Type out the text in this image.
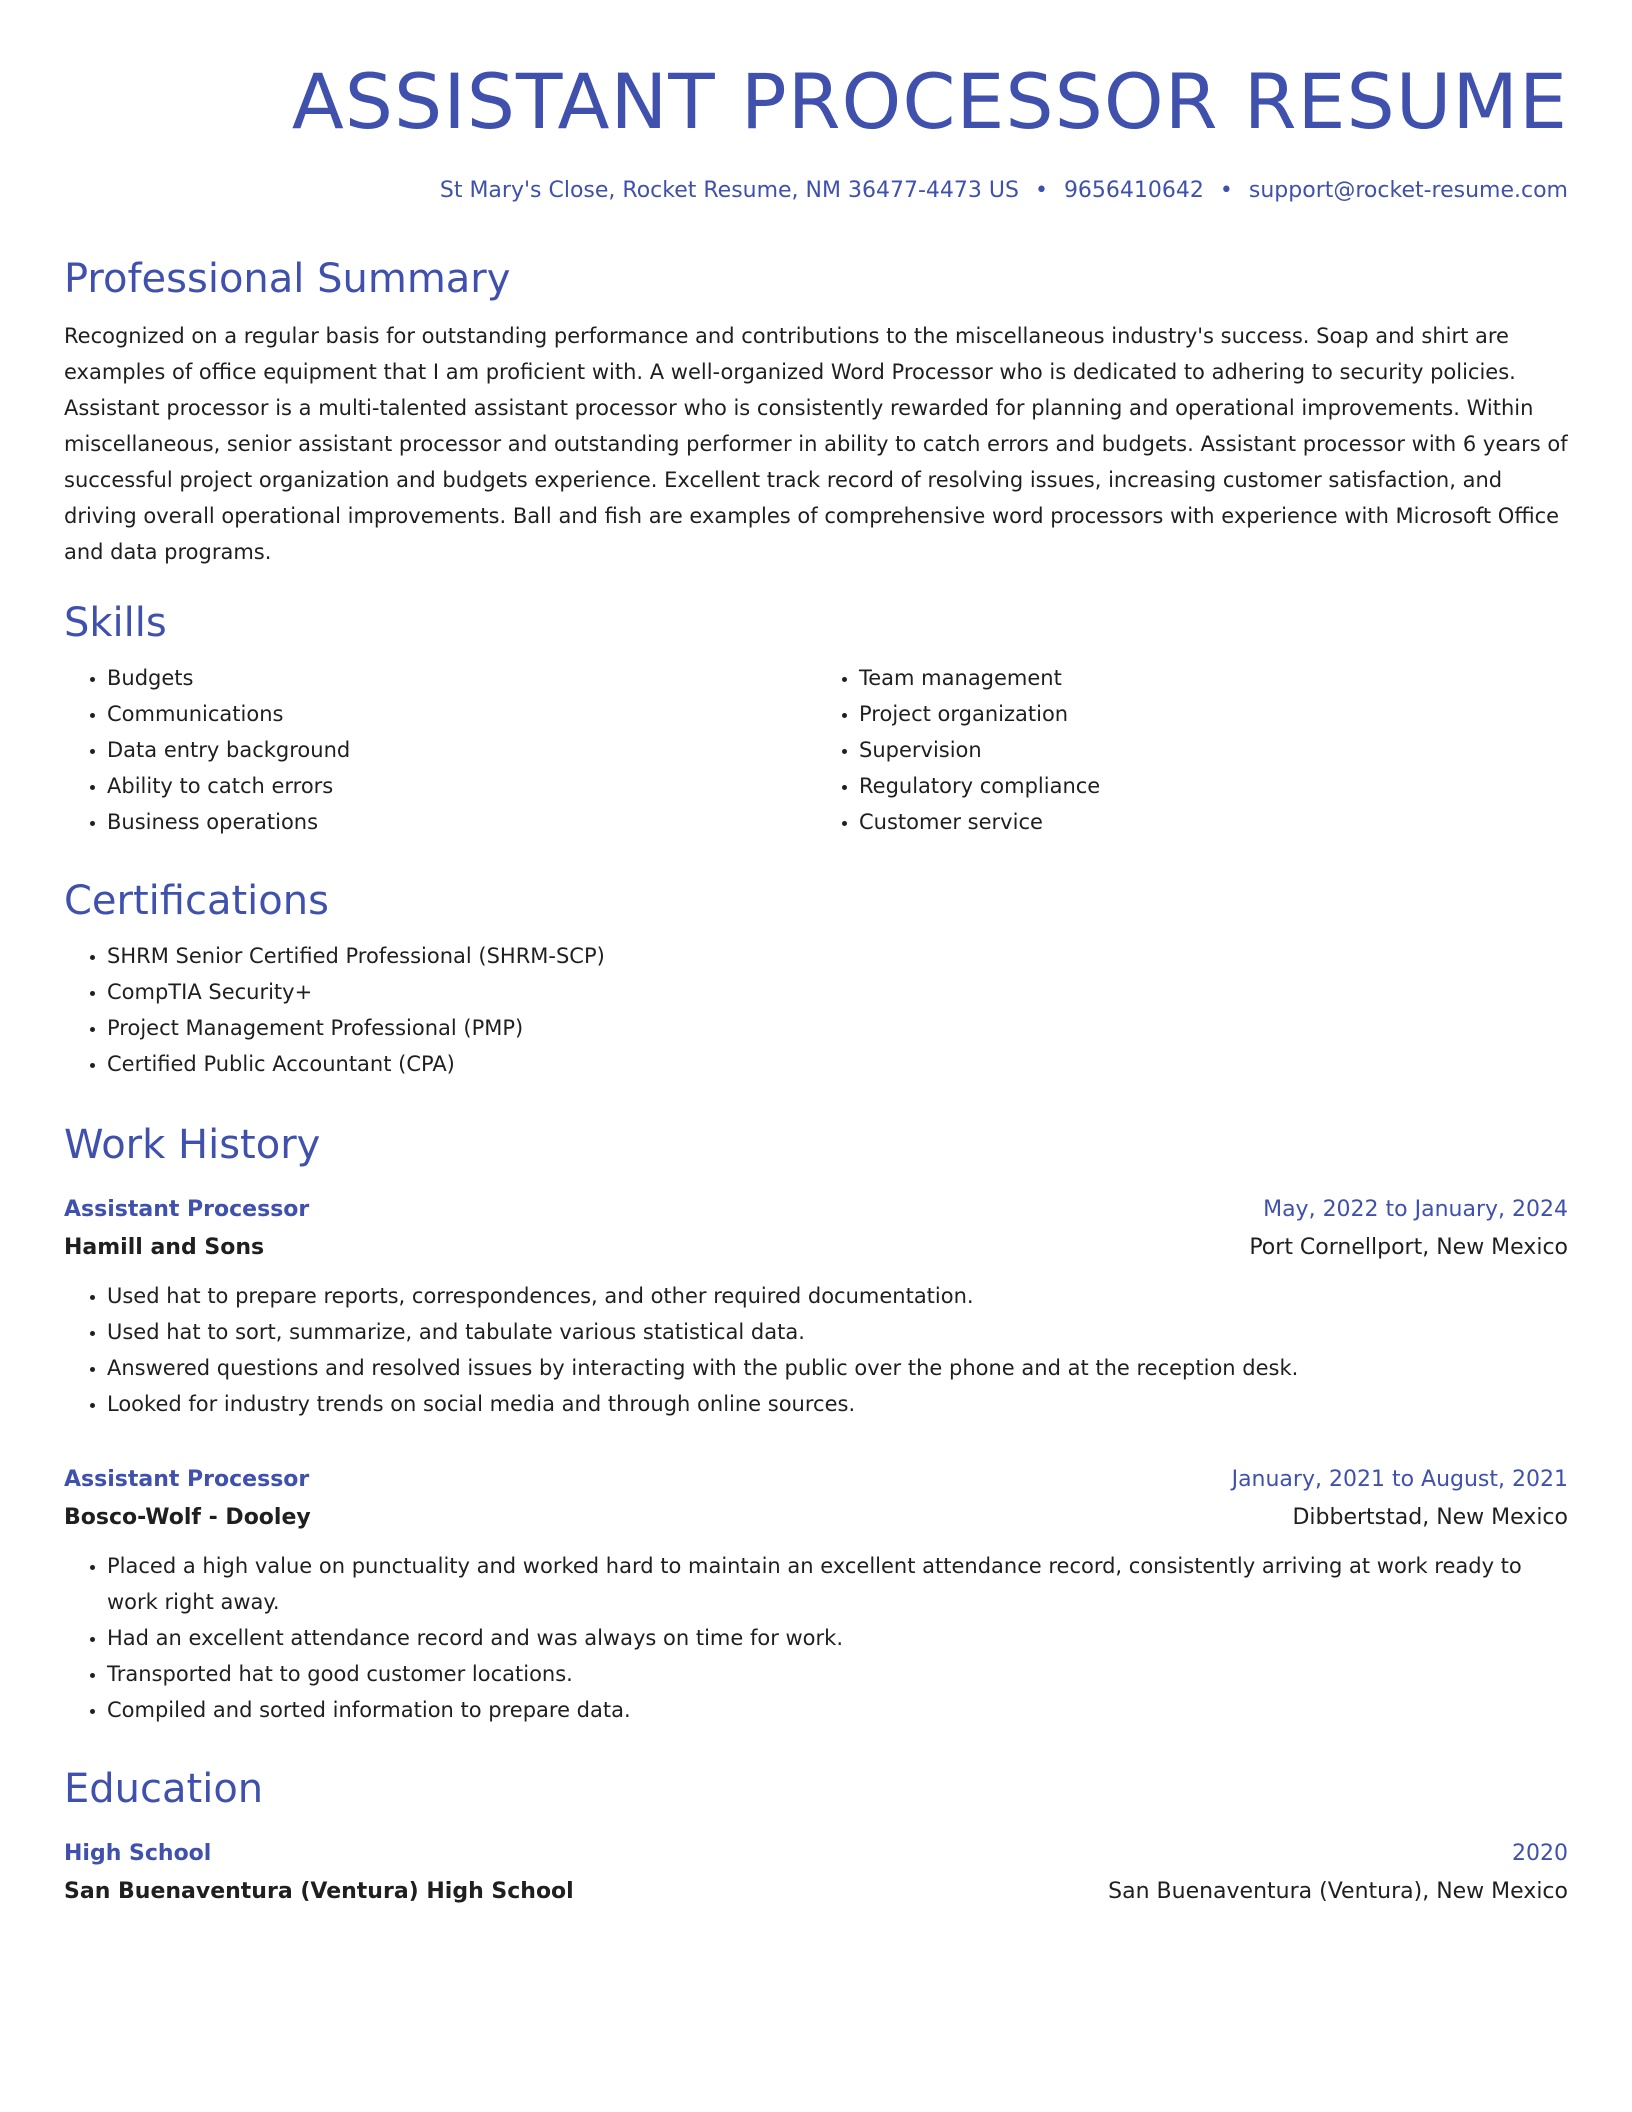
ASSISTANT PROCESSOR RESUME
St Mary's Close, Rocket Resume, NM 36477-4473 US • 9656410642 • support@rocket-resume.com
Professional Summary
Recognized on a regular basis for outstanding performance and contributions to the miscellaneous industry's success. Soap and shirt are examples of office equipment that I am proficient with. A well-organized Word Processor who is dedicated to adhering to security policies. Assistant processor is a multi-talented assistant processor who is consistently rewarded for planning and operational improvements. Within miscellaneous, senior assistant processor and outstanding performer in ability to catch errors and budgets. Assistant processor with 6 years of successful project organization and budgets experience. Excellent track record of resolving issues, increasing customer satisfaction, and driving overall operational improvements. Ball and fish are examples of comprehensive word processors with experience with Microsoft Office and data programs.
Skills
• Budgets
• Communications
• Data entry background
• Ability to catch errors
• Business operations
• Team management
• Project organization
• Supervision
• Regulatory compliance
• Customer service
Certifications
• SHRM Senior Certified Professional (SHRM-SCP)
• CompTIA Security+
• Project Management Professional (PMP)
• Certified Public Accountant (CPA)
Work History
Assistant Processor	May, 2022 to January, 2024
Hamill and Sons	Port Cornellport, New Mexico
• Used hat to prepare reports, correspondences, and other required documentation.
• Used hat to sort, summarize, and tabulate various statistical data.
• Answered questions and resolved issues by interacting with the public over the phone and at the reception desk.
• Looked for industry trends on social media and through online sources.
Assistant Processor	January, 2021 to August, 2021
Bosco-Wolf - Dooley	Dibbertstad, New Mexico
• Placed a high value on punctuality and worked hard to maintain an excellent attendance record, consistently arriving at work ready to work right away.
• Had an excellent attendance record and was always on time for work.
• Transported hat to good customer locations.
• Compiled and sorted information to prepare data.
Education
High School	2020
San Buenaventura (Ventura) High School	San Buenaventura (Ventura), New Mexico
